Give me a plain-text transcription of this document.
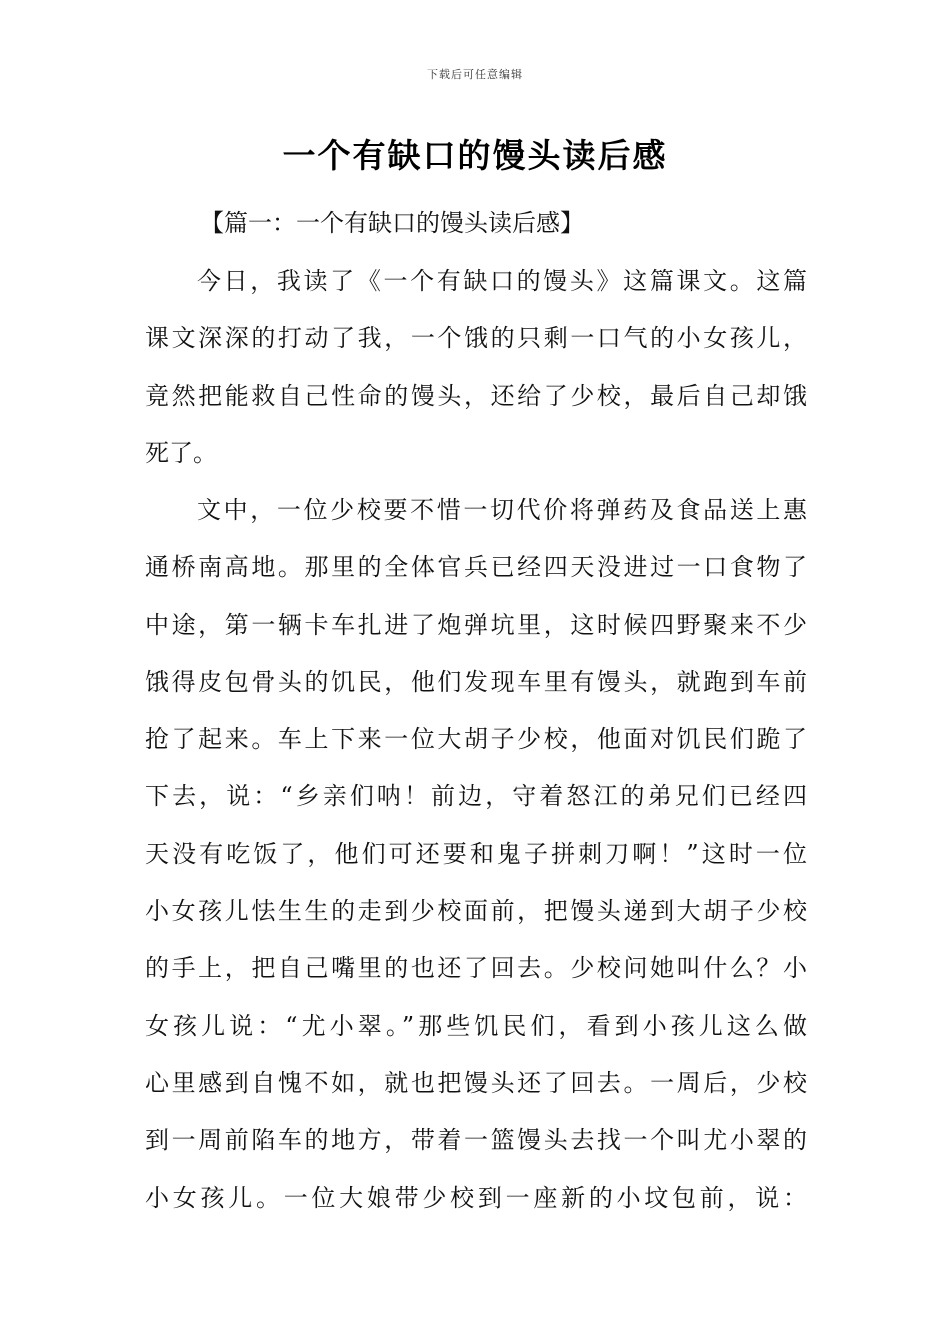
下载后可任意编辑
一个有缺口的馒头读后感
【篇一：一个有缺口的馒头读后感】
今日，我读了《一个有缺口的馒头》这篇课文。这篇
课文深深的打动了我，一个饿的只剩一口气的小女孩儿，
竟然把能救自己性命的馒头，还给了少校，最后自己却饿
死了。
文中，一位少校要不惜一切代价将弹药及食品送上惠
通桥南高地。那里的全体官兵已经四天没进过一口食物了
中途，第一辆卡车扎进了炮弹坑里，这时候四野聚来不少
饿得皮包骨头的饥民，他们发现车里有馒头，就跑到车前
抢了起来。车上下来一位大胡子少校，他面对饥民们跪了
下去，说：“乡亲们呐！前边，守着怒江的弟兄们已经四
天没有吃饭了，他们可还要和鬼子拼刺刀啊！”这时一位
小女孩儿怯生生的走到少校面前，把馒头递到大胡子少校
的手上，把自己嘴里的也还了回去。少校问她叫什么？小
女孩儿说：“尤小翠。”那些饥民们，看到小孩儿这么做
心里感到自愧不如，就也把馒头还了回去。一周后，少校
到一周前陷车的地方，带着一篮馒头去找一个叫尤小翠的
小女孩儿。一位大娘带少校到一座新的小坟包前，说：
